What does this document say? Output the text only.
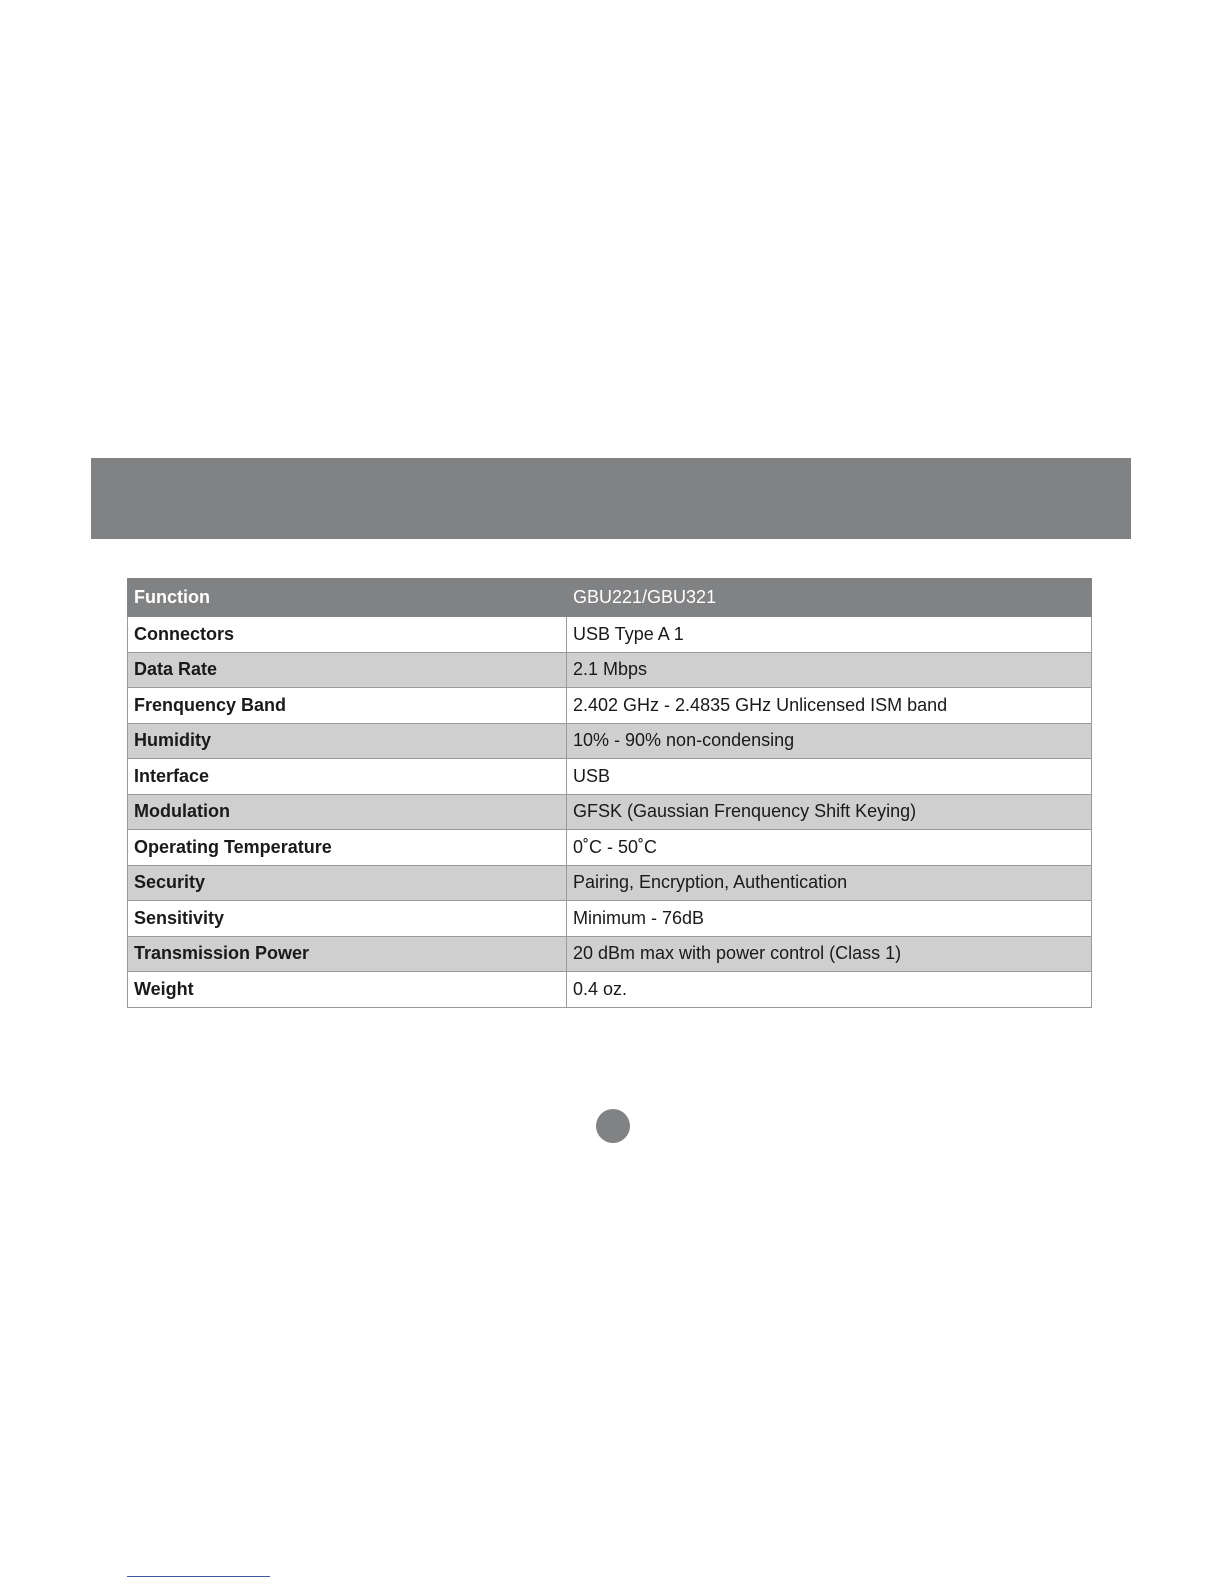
Function	GBU221/GBU321
Connectors	USB Type A 1
Data Rate	2.1 Mbps
Frenquency Band	2.402 GHz - 2.4835 GHz Unlicensed ISM band
Humidity	10% - 90% non-condensing
Interface	USB
Modulation	GFSK (Gaussian Frenquency Shift Keying)
Operating Temperature	0˚C - 50˚C
Security	Pairing, Encryption, Authentication
Sensitivity	Minimum - 76dB
Transmission Power	20 dBm max with power control (Class 1)
Weight	0.4 oz.
